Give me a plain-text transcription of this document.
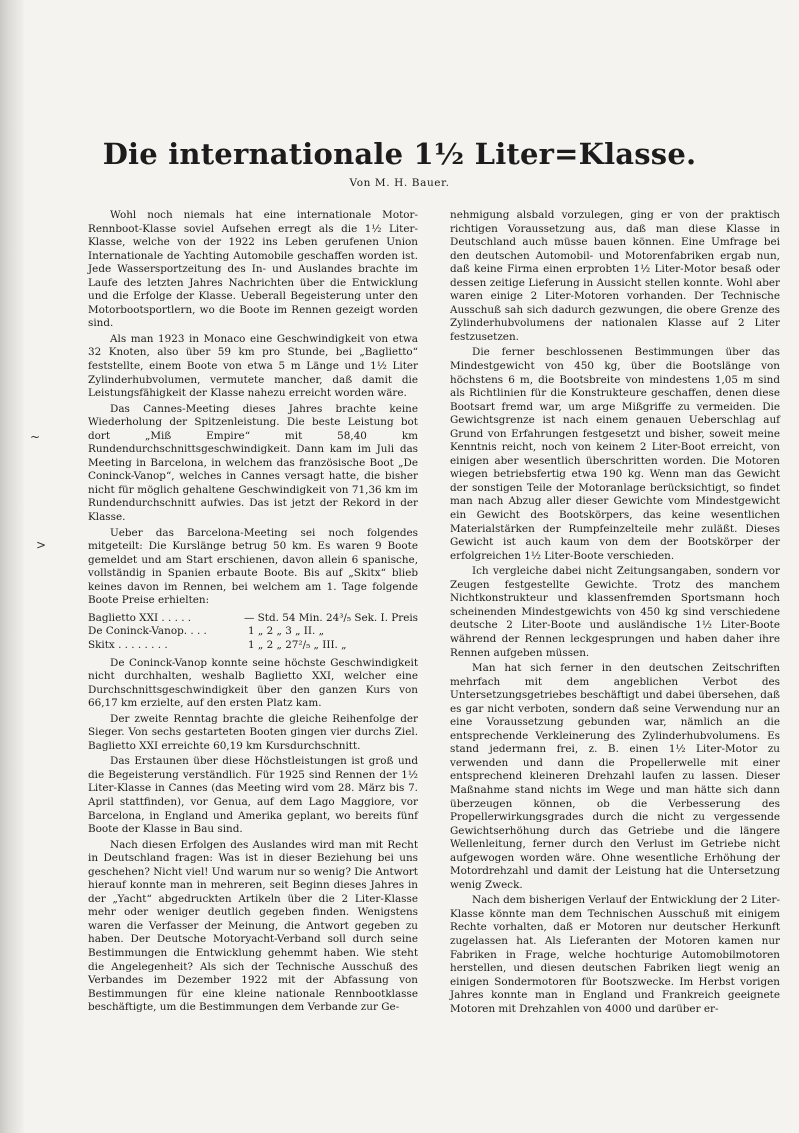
~
>
Die internationale 1½ Liter=Klasse.
Von M. H. Bauer.

Wohl noch niemals hat eine internationale Motor-Rennboot-Klasse soviel Aufsehen erregt als die 1½ Liter-Klasse, welche von der 1922 ins Leben gerufenen Union Internationale de Yachting Automobile geschaffen worden ist. Jede Wassersportzeitung des In- und Auslandes brachte im Laufe des letzten Jahres Nachrichten über die Entwicklung und die Erfolge der Klasse. Ueberall Begeisterung unter den Motorbootsportlern, wo die Boote im Rennen gezeigt worden sind.

Als man 1923 in Monaco eine Geschwindigkeit von etwa 32 Knoten, also über 59 km pro Stunde, bei „Baglietto“ feststellte, einem Boote von etwa 5 m Länge und 1½ Liter Zylinderhubvolumen, vermutete mancher, daß damit die Leistungsfähigkeit der Klasse nahezu erreicht worden wäre.

Das Cannes-Meeting dieses Jahres brachte keine Wiederholung der Spitzenleistung. Die beste Leistung bot dort „Miß Empire“ mit 58,40 km Rundendurchschnittsgeschwindigkeit. Dann kam im Juli das Meeting in Barcelona, in welchem das französische Boot „De Coninck-Vanop“, welches in Cannes versagt hatte, die bisher nicht für möglich gehaltene Geschwindigkeit von 71,36 km im Rundendurchschnitt aufwies. Das ist jetzt der Rekord in der Klasse.

Ueber das Barcelona-Meeting sei noch folgendes mitgeteilt: Die Kurslänge betrug 50 km. Es waren 9 Boote gemeldet und am Start erschienen, davon allein 6 spanische, vollständig in Spanien erbaute Boote. Bis auf „Skitx“ blieb keines davon im Rennen, bei welchem am 1. Tage folgende Boote Preise erhielten:

Baglietto XXI . . . . .	— Std. 54 Min. 24³/₅ Sek. I. Preis
De Coninck-Vanop. . . .	1 „ 2 „ 3 „ II. „
Skitx . . . . . . . .	1 „ 2 „ 27²/₅ „ III. „

De Coninck-Vanop konnte seine höchste Geschwindigkeit nicht durchhalten, weshalb Baglietto XXI, welcher eine Durchschnittsgeschwindigkeit über den ganzen Kurs von 66,17 km erzielte, auf den ersten Platz kam.

Der zweite Renntag brachte die gleiche Reihenfolge der Sieger. Von sechs gestarteten Booten gingen vier durchs Ziel. Baglietto XXI erreichte 60,19 km Kursdurchschnitt.

Das Erstaunen über diese Höchstleistungen ist groß und die Begeisterung verständlich. Für 1925 sind Rennen der 1½ Liter-Klasse in Cannes (das Meeting wird vom 28. März bis 7. April stattfinden), vor Genua, auf dem Lago Maggiore, vor Barcelona, in England und Amerika geplant, wo bereits fünf Boote der Klasse in Bau sind.

Nach diesen Erfolgen des Auslandes wird man mit Recht in Deutschland fragen: Was ist in dieser Beziehung bei uns geschehen? Nicht viel! Und warum nur so wenig? Die Antwort hierauf konnte man in mehreren, seit Beginn dieses Jahres in der „Yacht“ abgedruckten Artikeln über die 2 Liter-Klasse mehr oder weniger deutlich gegeben finden. Wenigstens waren die Verfasser der Meinung, die Antwort gegeben zu haben. Der Deutsche Motoryacht-Verband soll durch seine Bestimmungen die Entwicklung gehemmt haben. Wie steht die Angelegenheit? Als sich der Technische Ausschuß des Verbandes im Dezember 1922 mit der Abfassung von Bestimmungen für eine kleine nationale Rennbootklasse beschäftigte, um die Bestimmungen dem Verbande zur Ge-

nehmigung alsbald vorzulegen, ging er von der praktisch richtigen Voraussetzung aus, daß man diese Klasse in Deutschland auch müsse bauen können. Eine Umfrage bei den deutschen Automobil- und Motorenfabriken ergab nun, daß keine Firma einen erprobten 1½ Liter-Motor besaß oder dessen zeitige Lieferung in Aussicht stellen konnte. Wohl aber waren einige 2 Liter-Motoren vorhanden. Der Technische Ausschuß sah sich dadurch gezwungen, die obere Grenze des Zylinderhubvolumens der nationalen Klasse auf 2 Liter festzusetzen.

Die ferner beschlossenen Bestimmungen über das Mindestgewicht von 450 kg, über die Bootslänge von höchstens 6 m, die Bootsbreite von mindestens 1,05 m sind als Richtlinien für die Konstrukteure geschaffen, denen diese Bootsart fremd war, um arge Mißgriffe zu vermeiden. Die Gewichtsgrenze ist nach einem genauen Ueberschlag auf Grund von Erfahrungen festgesetzt und bisher, soweit meine Kenntnis reicht, noch von keinem 2 Liter-Boot erreicht, von einigen aber wesentlich überschritten worden. Die Motoren wiegen betriebsfertig etwa 190 kg. Wenn man das Gewicht der sonstigen Teile der Motoranlage berücksichtigt, so findet man nach Abzug aller dieser Gewichte vom Mindestgewicht ein Gewicht des Bootskörpers, das keine wesentlichen Materialstärken der Rumpfeinzelteile mehr zuläßt. Dieses Gewicht ist auch kaum von dem der Bootskörper der erfolgreichen 1½ Liter-Boote verschieden.

Ich vergleiche dabei nicht Zeitungsangaben, sondern vor Zeugen festgestellte Gewichte. Trotz des manchem Nichtkonstrukteur und klassenfremden Sportsmann hoch scheinenden Mindestgewichts von 450 kg sind verschiedene deutsche 2 Liter-Boote und ausländische 1½ Liter-Boote während der Rennen leckgesprungen und haben daher ihre Rennen aufgeben müssen.

Man hat sich ferner in den deutschen Zeitschriften mehrfach mit dem angeblichen Verbot des Untersetzungsgetriebes beschäftigt und dabei übersehen, daß es gar nicht verboten, sondern daß seine Verwendung nur an eine Voraussetzung gebunden war, nämlich an die entsprechende Verkleinerung des Zylinderhubvolumens. Es stand jedermann frei, z. B. einen 1½ Liter-Motor zu verwenden und dann die Propellerwelle mit einer entsprechend kleineren Drehzahl laufen zu lassen. Dieser Maßnahme stand nichts im Wege und man hätte sich dann überzeugen können, ob die Verbesserung des Propellerwirkungsgrades durch die nicht zu vergessende Gewichtserhöhung durch das Getriebe und die längere Wellenleitung, ferner durch den Verlust im Getriebe nicht aufgewogen worden wäre. Ohne wesentliche Erhöhung der Motordrehzahl und damit der Leistung hat die Untersetzung wenig Zweck.

Nach dem bisherigen Verlauf der Entwicklung der 2 Liter-Klasse könnte man dem Technischen Ausschuß mit einigem Rechte vorhalten, daß er Motoren nur deutscher Herkunft zugelassen hat. Als Lieferanten der Motoren kamen nur Fabriken in Frage, welche hochturige Automobilmotoren herstellen, und diesen deutschen Fabriken liegt wenig an einigen Sondermotoren für Bootszwecke. Im Herbst vorigen Jahres konnte man in England und Frankreich geeignete Motoren mit Drehzahlen von 4000 und darüber er-
